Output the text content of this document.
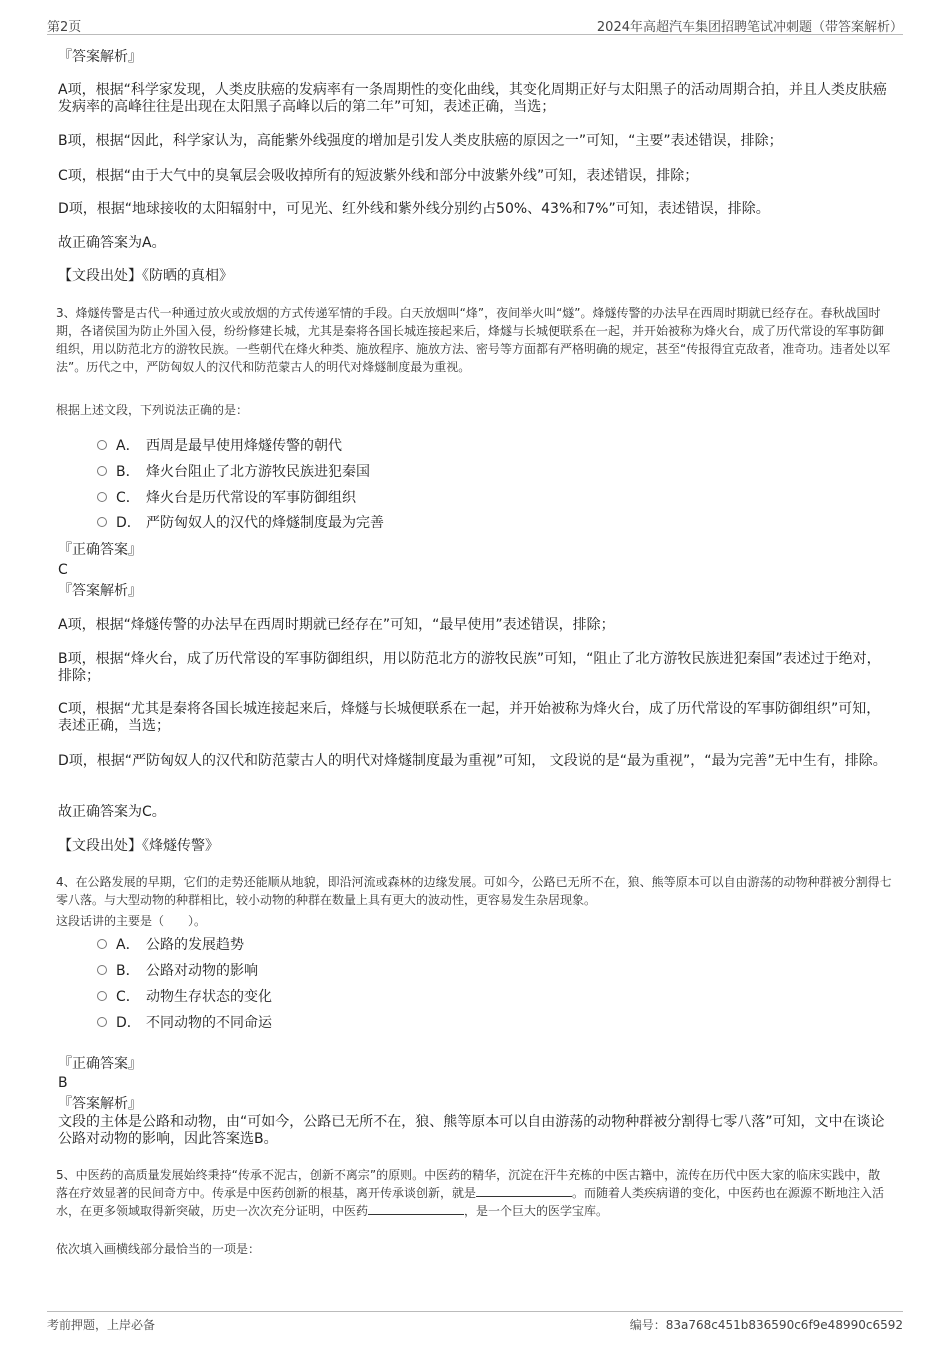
第2页	2024年高超汽车集团招聘笔试冲刺题（带答案解析）

『答案解析』

A项，根据“科学家发现，人类皮肤癌的发病率有一条周期性的变化曲线，其变化周期正好与太阳黑子的活动周期合拍，并且人类皮肤癌发病率的高峰往往是出现在太阳黑子高峰以后的第二年”可知，表述正确，当选；

B项，根据“因此，科学家认为，高能紫外线强度的增加是引发人类皮肤癌的原因之一”可知，“主要”表述错误，排除；

C项，根据“由于大气中的臭氧层会吸收掉所有的短波紫外线和部分中波紫外线”可知，表述错误，排除；

D项，根据“地球接收的太阳辐射中，可见光、红外线和紫外线分别约占50%、43%和7%”可知，表述错误，排除。

故正确答案为A。

【文段出处】《防晒的真相》

3、烽燧传警是古代一种通过放火或放烟的方式传递军情的手段。白天放烟叫“烽”，夜间举火叫“燧”。烽燧传警的办法早在西周时期就已经存在。春秋战国时期，各诸侯国为防止外国入侵，纷纷修建长城，尤其是秦将各国长城连接起来后，烽燧与长城便联系在一起，并开始被称为烽火台，成了历代常设的军事防御组织，用以防范北方的游牧民族。一些朝代在烽火种类、施放程序、施放方法、密号等方面都有严格明确的规定，甚至“传报得宜克敌者，准奇功。违者处以军法”。历代之中，严防匈奴人的汉代和防范蒙古人的明代对烽燧制度最为重视。

根据上述文段，下列说法正确的是：

A． 西周是最早使用烽燧传警的朝代
B． 烽火台阻止了北方游牧民族进犯秦国
C． 烽火台是历代常设的军事防御组织
D． 严防匈奴人的汉代的烽燧制度最为完善

『正确答案』

C

『答案解析』

A项，根据“烽燧传警的办法早在西周时期就已经存在”可知，“最早使用”表述错误，排除；

B项，根据“烽火台，成了历代常设的军事防御组织，用以防范北方的游牧民族”可知，“阻止了北方游牧民族进犯秦国”表述过于绝对，排除；

C项，根据“尤其是秦将各国长城连接起来后，烽燧与长城便联系在一起，并开始被称为烽火台，成了历代常设的军事防御组织”可知，表述正确，当选；

D项，根据“严防匈奴人的汉代和防范蒙古人的明代对烽燧制度最为重视”可知， 文段说的是“最为重视”，“最为完善”无中生有，排除。

故正确答案为C。

【文段出处】《烽燧传警》

4、在公路发展的早期，它们的走势还能顺从地貌，即沿河流或森林的边缘发展。可如今，公路已无所不在，狼、熊等原本可以自由游荡的动物种群被分割得七零八落。与大型动物的种群相比，较小动物的种群在数量上具有更大的波动性，更容易发生杂居现象。

这段话讲的主要是（　　）。

A． 公路的发展趋势
B． 公路对动物的影响
C． 动物生存状态的变化
D． 不同动物的不同命运

『正确答案』

B

『答案解析』

文段的主体是公路和动物，由“可如今，公路已无所不在，狼、熊等原本可以自由游荡的动物种群被分割得七零八落”可知，文中在谈论公路对动物的影响，因此答案选B。

5、中医药的高质量发展始终秉持“传承不泥古，创新不离宗”的原则。中医药的精华，沉淀在汗牛充栋的中医古籍中，流传在历代中医大家的临床实践中，散落在疗效显著的民间奇方中。传承是中医药创新的根基，离开传承谈创新，就是	。而随着人类疾病谱的变化，中医药也在源源不断地注入活水，在更多领域取得新突破，历史一次次充分证明，中医药	，是一个巨大的医学宝库。

依次填入画横线部分最恰当的一项是：

考前押题，上岸必备	编号：83a768c451b836590c6f9e48990c6592
